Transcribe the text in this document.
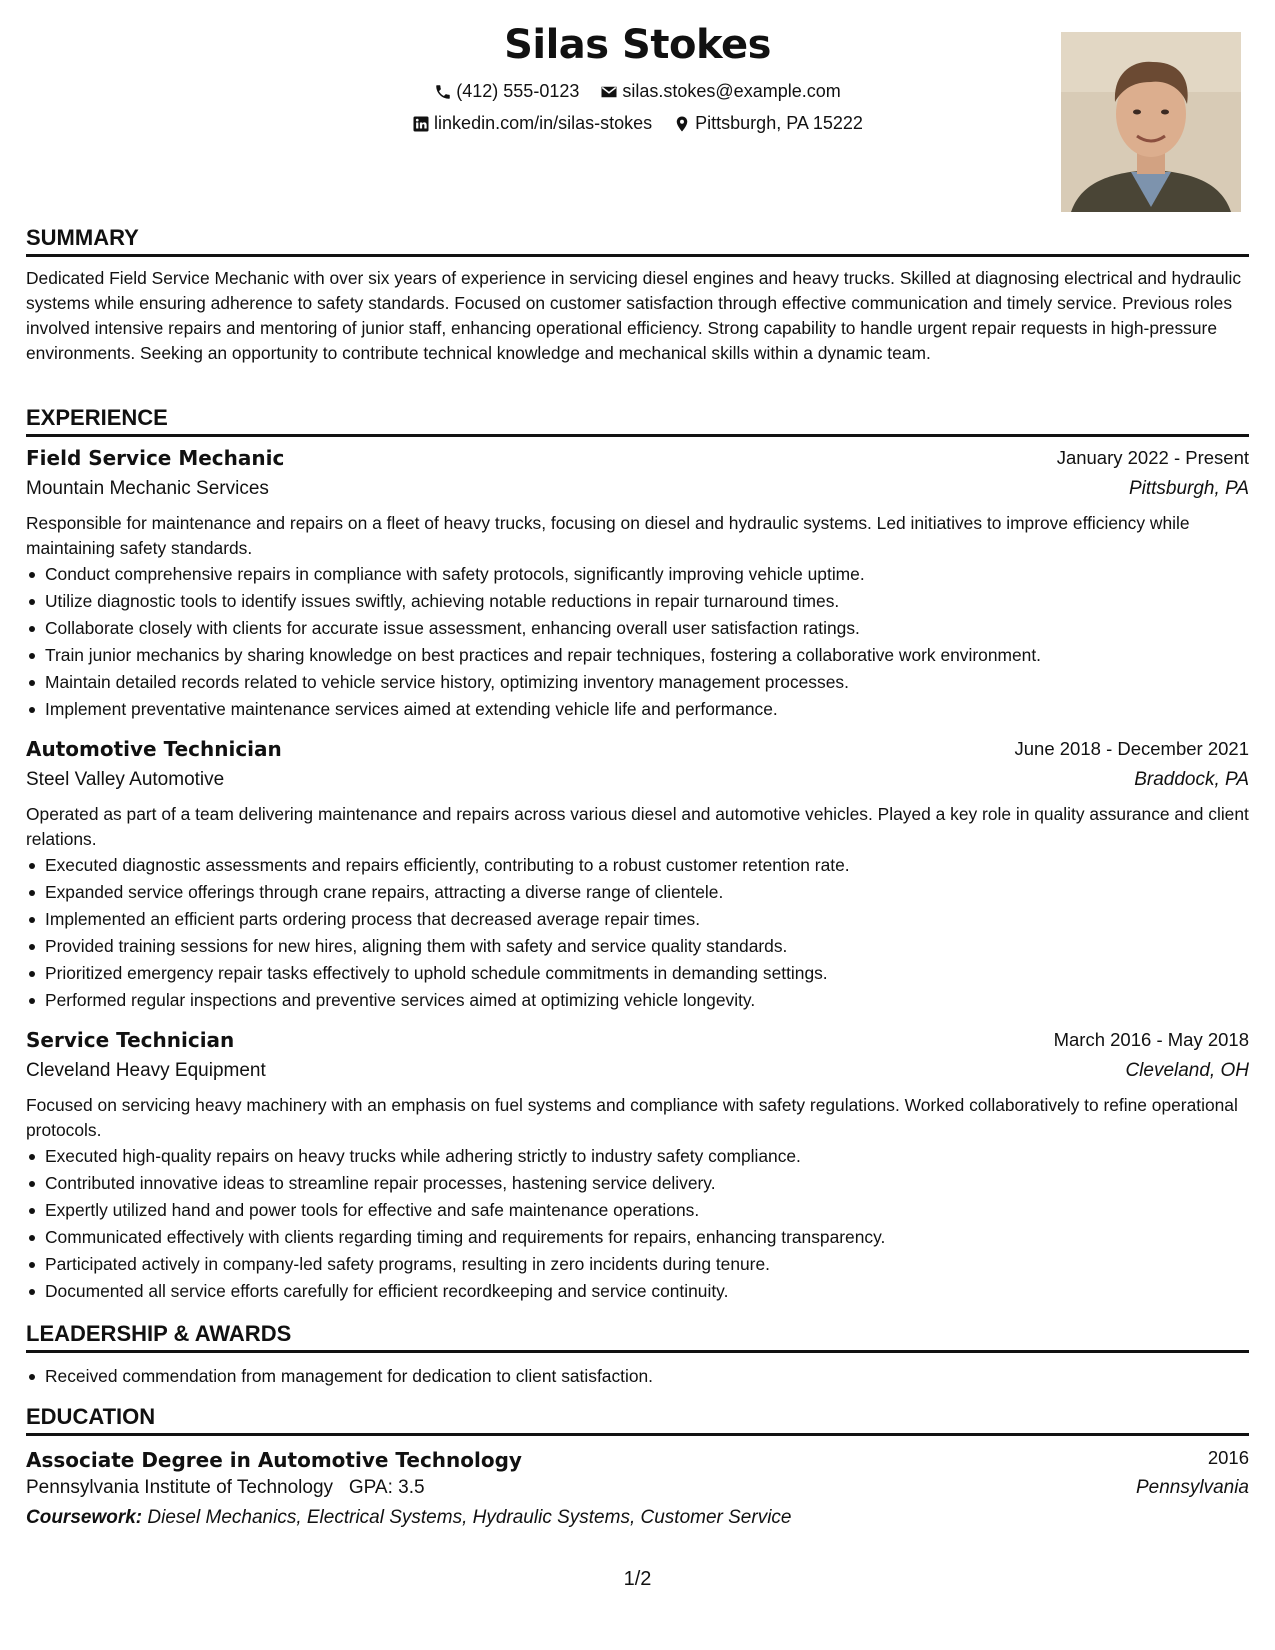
Silas Stokes
(412) 555-0123
silas.stokes@example.com
linkedin.com/in/silas-stokes
Pittsburgh, PA 15222
SUMMARY
Dedicated Field Service Mechanic with over six years of experience in servicing diesel engines and heavy trucks. Skilled at diagnosing electrical and hydraulic systems while ensuring adherence to safety standards. Focused on customer satisfaction through effective communication and timely service. Previous roles involved intensive repairs and mentoring of junior staff, enhancing operational efficiency. Strong capability to handle urgent repair requests in high-pressure environments. Seeking an opportunity to contribute technical knowledge and mechanical skills within a dynamic team.
EXPERIENCE
Field Service Mechanic	January 2022 - Present
Mountain Mechanic Services	Pittsburgh, PA
Responsible for maintenance and repairs on a fleet of heavy trucks, focusing on diesel and hydraulic systems. Led initiatives to improve efficiency while maintaining safety standards.
Conduct comprehensive repairs in compliance with safety protocols, significantly improving vehicle uptime.
Utilize diagnostic tools to identify issues swiftly, achieving notable reductions in repair turnaround times.
Collaborate closely with clients for accurate issue assessment, enhancing overall user satisfaction ratings.
Train junior mechanics by sharing knowledge on best practices and repair techniques, fostering a collaborative work environment.
Maintain detailed records related to vehicle service history, optimizing inventory management processes.
Implement preventative maintenance services aimed at extending vehicle life and performance.
Automotive Technician	June 2018 - December 2021
Steel Valley Automotive	Braddock, PA
Operated as part of a team delivering maintenance and repairs across various diesel and automotive vehicles. Played a key role in quality assurance and client relations.
Executed diagnostic assessments and repairs efficiently, contributing to a robust customer retention rate.
Expanded service offerings through crane repairs, attracting a diverse range of clientele.
Implemented an efficient parts ordering process that decreased average repair times.
Provided training sessions for new hires, aligning them with safety and service quality standards.
Prioritized emergency repair tasks effectively to uphold schedule commitments in demanding settings.
Performed regular inspections and preventive services aimed at optimizing vehicle longevity.
Service Technician	March 2016 - May 2018
Cleveland Heavy Equipment	Cleveland, OH
Focused on servicing heavy machinery with an emphasis on fuel systems and compliance with safety regulations. Worked collaboratively to refine operational protocols.
Executed high-quality repairs on heavy trucks while adhering strictly to industry safety compliance.
Contributed innovative ideas to streamline repair processes, hastening service delivery.
Expertly utilized hand and power tools for effective and safe maintenance operations.
Communicated effectively with clients regarding timing and requirements for repairs, enhancing transparency.
Participated actively in company-led safety programs, resulting in zero incidents during tenure.
Documented all service efforts carefully for efficient recordkeeping and service continuity.
LEADERSHIP & AWARDS
Received commendation from management for dedication to client satisfaction.
EDUCATION
Associate Degree in Automotive Technology	2016
Pennsylvania Institute of Technology GPA: 3.5	Pennsylvania
Coursework: Diesel Mechanics, Electrical Systems, Hydraulic Systems, Customer Service
1/2
